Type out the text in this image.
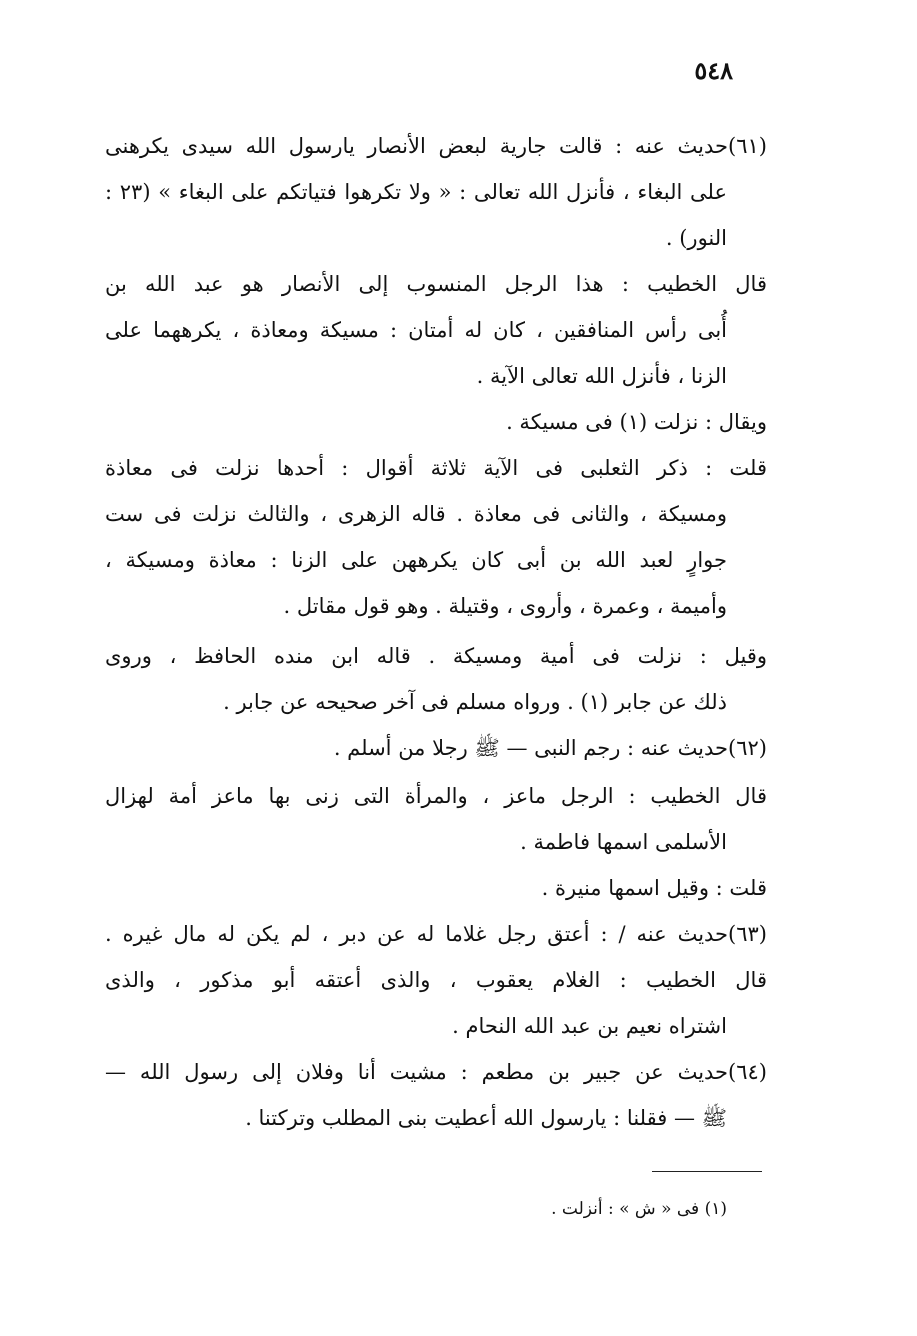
٥٤٨
(٦١)حديث عنه : قالت جارية لبعض الأنصار يارسول الله سيدى يكرهنى
على البغاء ، فأنزل الله تعالى : « ولا تكرهوا فتياتكم على البغاء » (٢٣ :
النور) .
قال الخطيب : هذا الرجل المنسوب إلى الأنصار هو عبد الله بن
أُبى رأس المنافقين ، كان له أمتان : مسيكة ومعاذة ، يكرههما على
الزنا ، فأنزل الله تعالى الآية .
ويقال : نزلت (١) فى مسيكة .
قلت : ذكر الثعلبى فى الآية ثلاثة أقوال : أحدها نزلت فى معاذة
ومسيكة ، والثانى فى معاذة . قاله الزهرى ، والثالث نزلت فى ست
جوارٍ لعبد الله بن أبى كان يكرههن على الزنا : معاذة ومسيكة ،
وأميمة ، وعمرة ، وأروى ، وقتيلة . وهو قول مقاتل .
وقيل : نزلت فى أمية ومسيكة . قاله ابن منده الحافظ ، وروى
ذلك عن جابر (١) . ورواه مسلم فى آخر صحيحه عن جابر .
(٦٢)حديث عنه : رجم النبى — ﷺ رجلا من أسلم .
قال الخطيب : الرجل ماعز ، والمرأة التى زنى بها ماعز أمة لهزال
الأسلمى اسمها فاطمة .
قلت : وقيل اسمها منيرة .
(٦٣)حديث عنه / : أعتق رجل غلاما له عن دبر ، لم يكن له مال غيره .
قال الخطيب : الغلام يعقوب ، والذى أعتقه أبو مذكور ، والذى
اشتراه نعيم بن عبد الله النحام .
(٦٤)حديث عن جبير بن مطعم : مشيت أنا وفلان إلى رسول الله —
ﷺ — فقلنا : يارسول الله أعطيت بنى المطلب وتركتنا .
(١) فى « ش » : أنزلت .
